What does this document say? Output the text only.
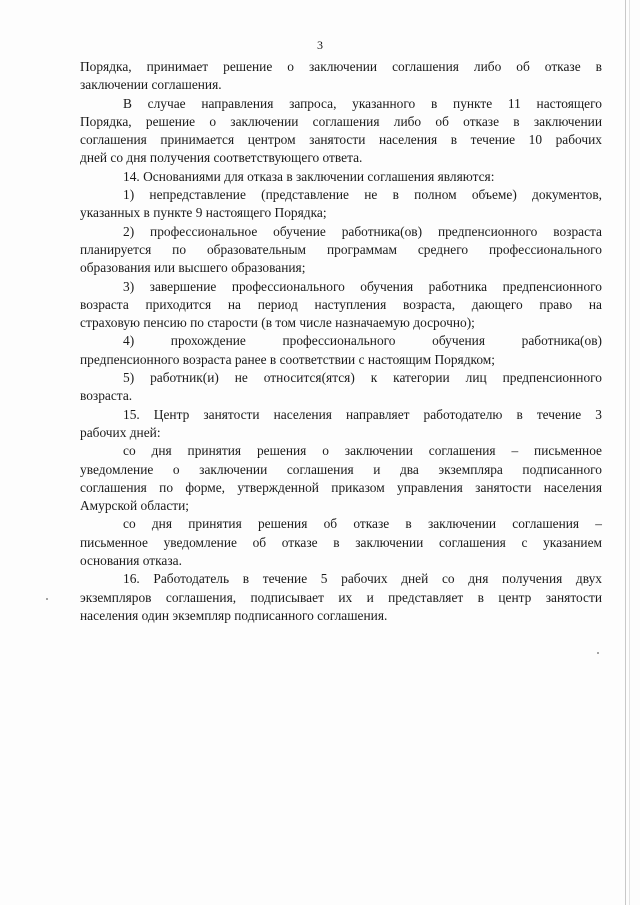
3
Порядка, принимает решение о заключении соглашения либо об отказе в
заключении соглашения.
В случае направления запроса, указанного в пункте 11 настоящего
Порядка, решение о заключении соглашения либо об отказе в заключении
соглашения принимается центром занятости населения в течение 10 рабочих
дней со дня получения соответствующего ответа.
14. Основаниями для отказа в заключении соглашения являются:
1) непредставление (представление не в полном объеме) документов,
указанных в пункте 9 настоящего Порядка;
2) профессиональное обучение работника(ов) предпенсионного возраста
планируется по образовательным программам среднего профессионального
образования или высшего образования;
3) завершение профессионального обучения работника предпенсионного
возраста приходится на период наступления возраста, дающего право на
страховую пенсию по старости (в том числе назначаемую досрочно);
4) прохождение профессионального обучения работника(ов)
предпенсионного возраста ранее в соответствии с настоящим Порядком;
5) работник(и) не относится(ятся) к категории лиц предпенсионного
возраста.
15. Центр занятости населения направляет работодателю в течение 3
рабочих дней:
со дня принятия решения о заключении соглашения – письменное
уведомление о заключении соглашения и два экземпляра подписанного
соглашения по форме, утвержденной приказом управления занятости населения
Амурской области;
со дня принятия решения об отказе в заключении соглашения –
письменное уведомление об отказе в заключении соглашения с указанием
основания отказа.
16. Работодатель в течение 5 рабочих дней со дня получения двух
экземпляров соглашения, подписывает их и представляет в центр занятости
населения один экземпляр подписанного соглашения.
